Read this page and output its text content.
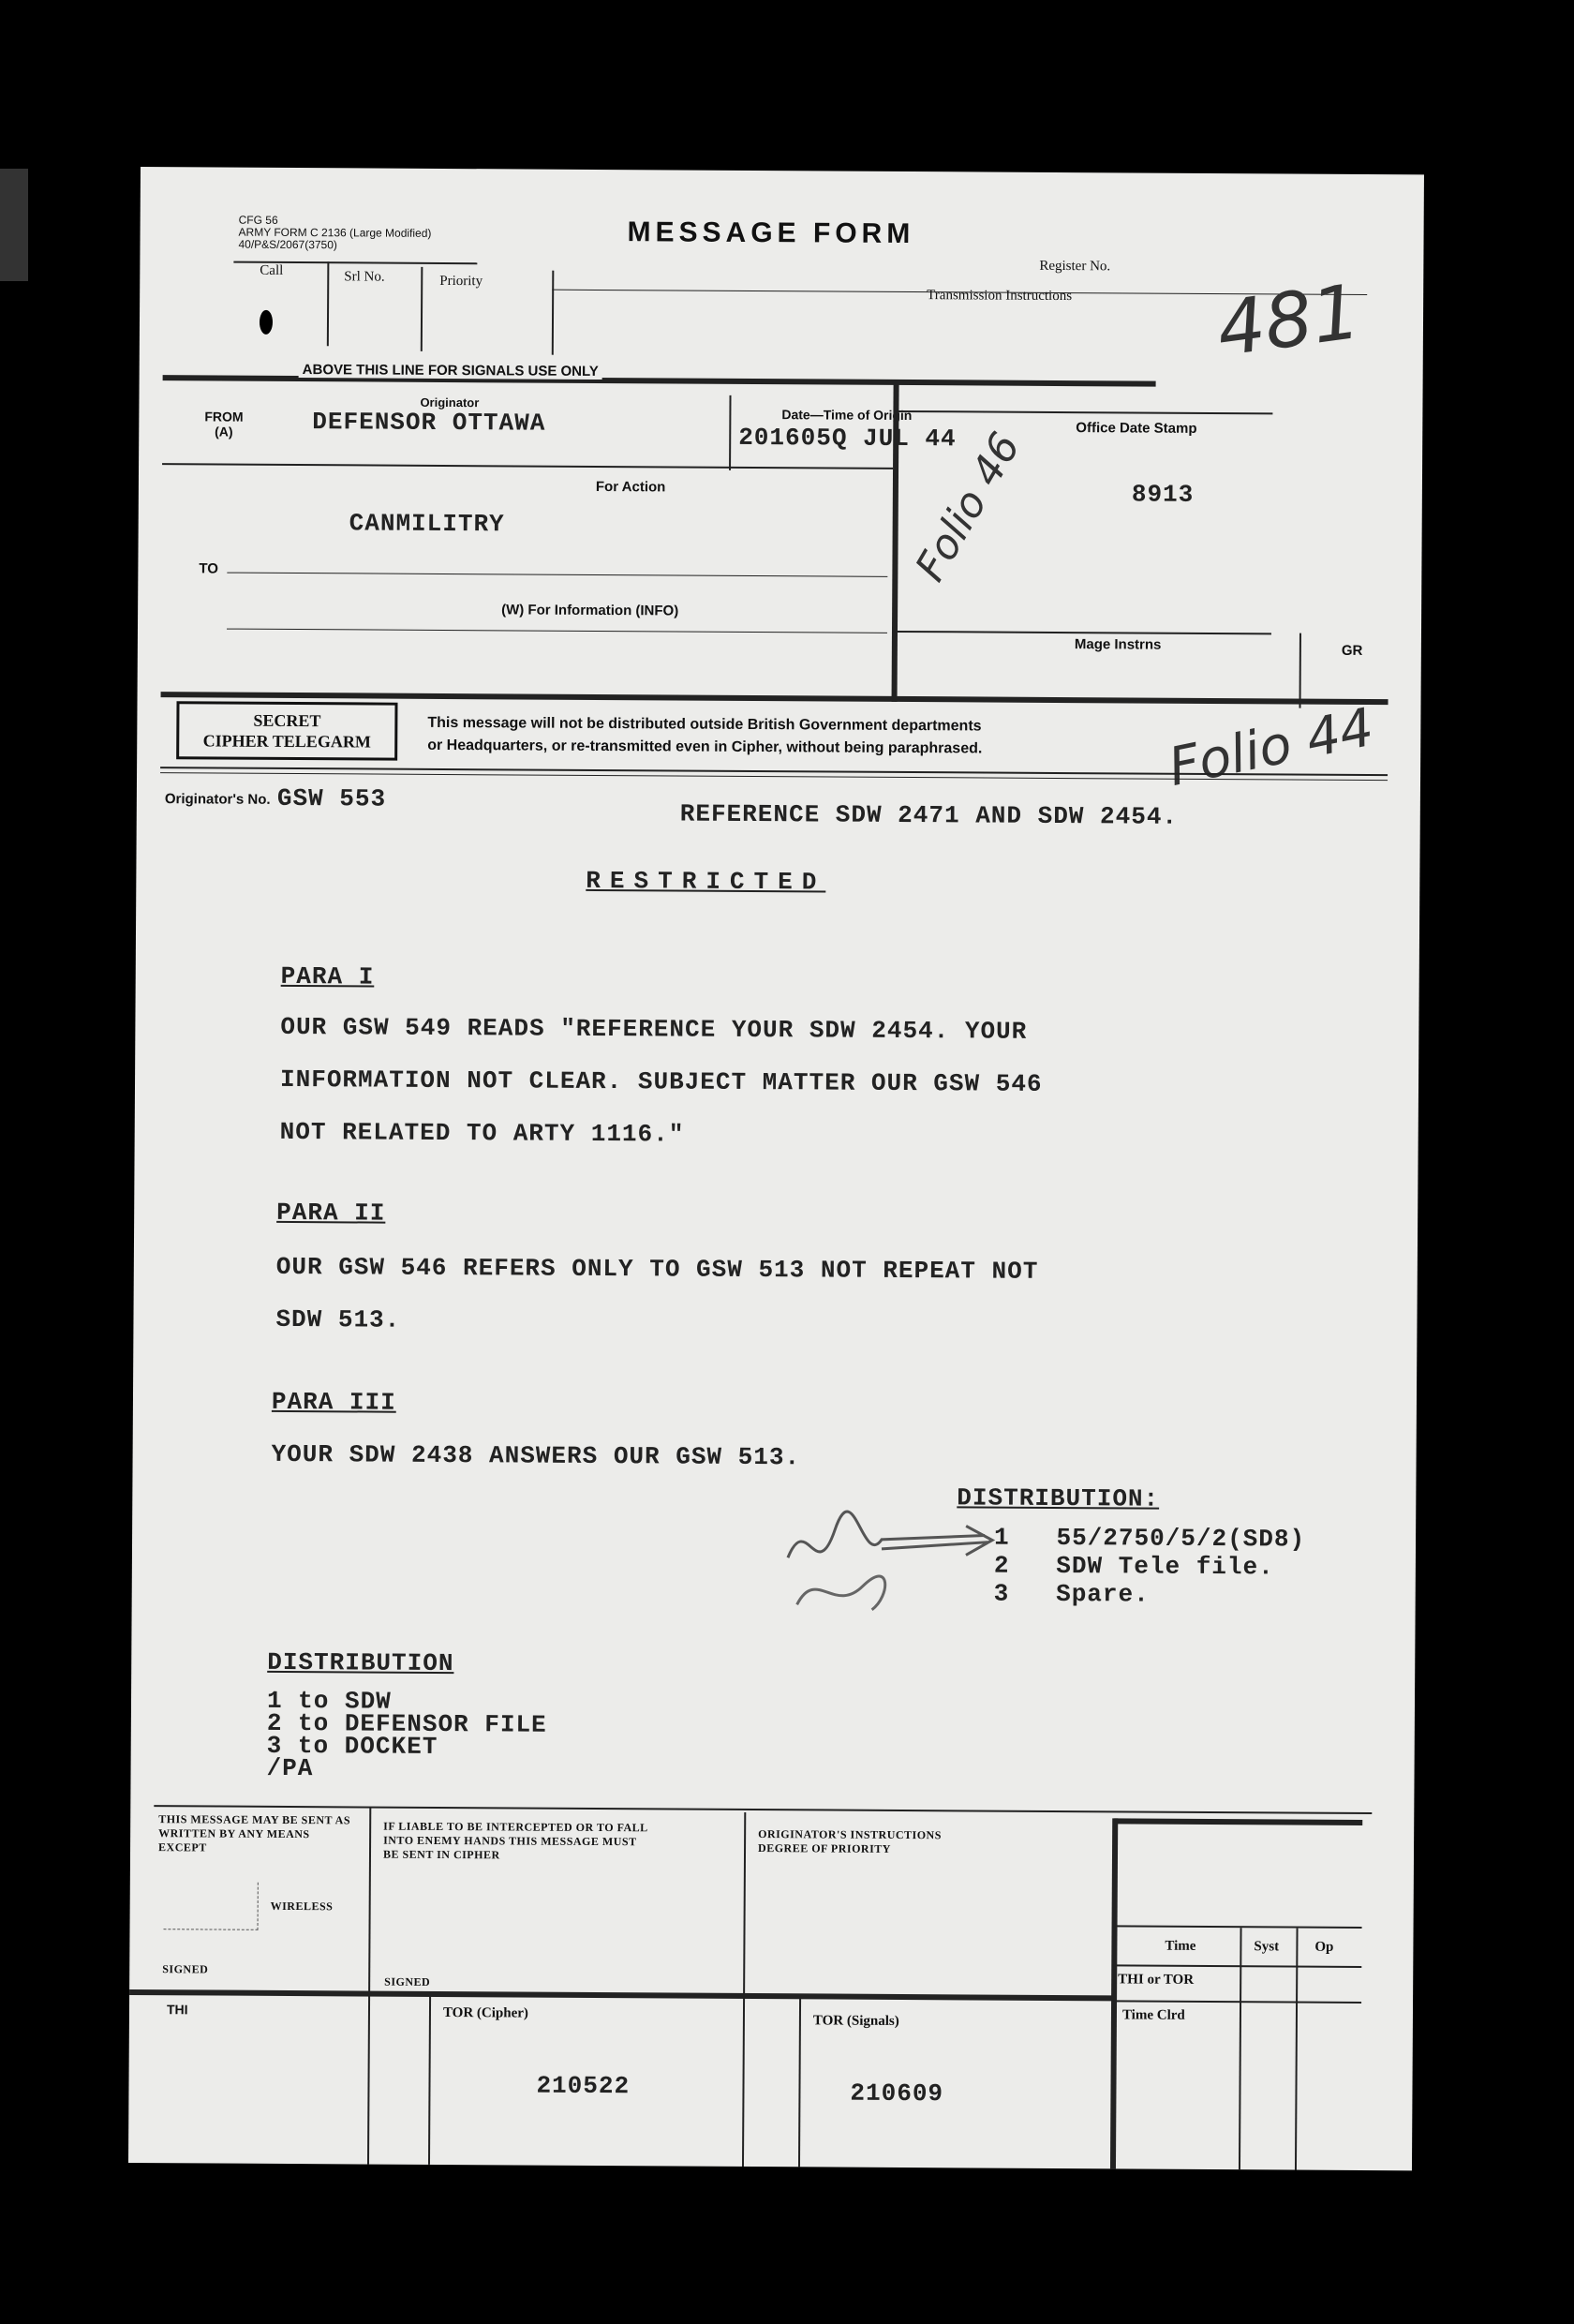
CFG 56
ARMY FORM C 2136 (Large Modified)
40/P&S/2067(3750)	MESSAGE FORM
Register No.
Call	Srl No.	Priority
Transmission Instructions
ABOVE THIS LINE FOR SIGNALS USE ONLY	481
Originator
FROM
(A)	DEFENSOR OTTAWA	Date—Time of Origin
201605Q JUL 44	Office Date Stamp
8913
Folio 46
For Action
CANMILITRY
TO
(W) For Information (INFO)
Mage Instrns	GR
SECRET
CIPHER TELEGARM
This message will not be distributed outside British Government departments
or Headquarters, or re-transmitted even in Cipher, without being paraphrased.	Folio 44
Originator's No. GSW 553
REFERENCE SDW 2471 AND SDW 2454.
RESTRICTED
PARA I
OUR GSW 549 READS "REFERENCE YOUR SDW 2454. YOUR
INFORMATION NOT CLEAR. SUBJECT MATTER OUR GSW 546
NOT RELATED TO ARTY 1116."
PARA II
OUR GSW 546 REFERS ONLY TO GSW 513 NOT REPEAT NOT
SDW 513.
PARA III
YOUR SDW 2438 ANSWERS OUR GSW 513.
DISTRIBUTION:
1 55/2750/5/2(SD8)
2 SDW Tele file.
3 Spare.
DISTRIBUTION
1 to SDW
2 to DEFENSOR FILE
3 to DOCKET
/PA
THIS MESSAGE MAY BE SENT AS
WRITTEN BY ANY MEANS
EXCEPT
WIRELESS
SIGNED
IF LIABLE TO BE INTERCEPTED OR TO FALL
INTO ENEMY HANDS THIS MESSAGE MUST
BE SENT IN CIPHER
SIGNED
ORIGINATOR'S INSTRUCTIONS
DEGREE OF PRIORITY
Time	Syst	Op
THI or TOR
Time Clrd
THI	TOR (Cipher)
210522
TOR (Signals)
210609
